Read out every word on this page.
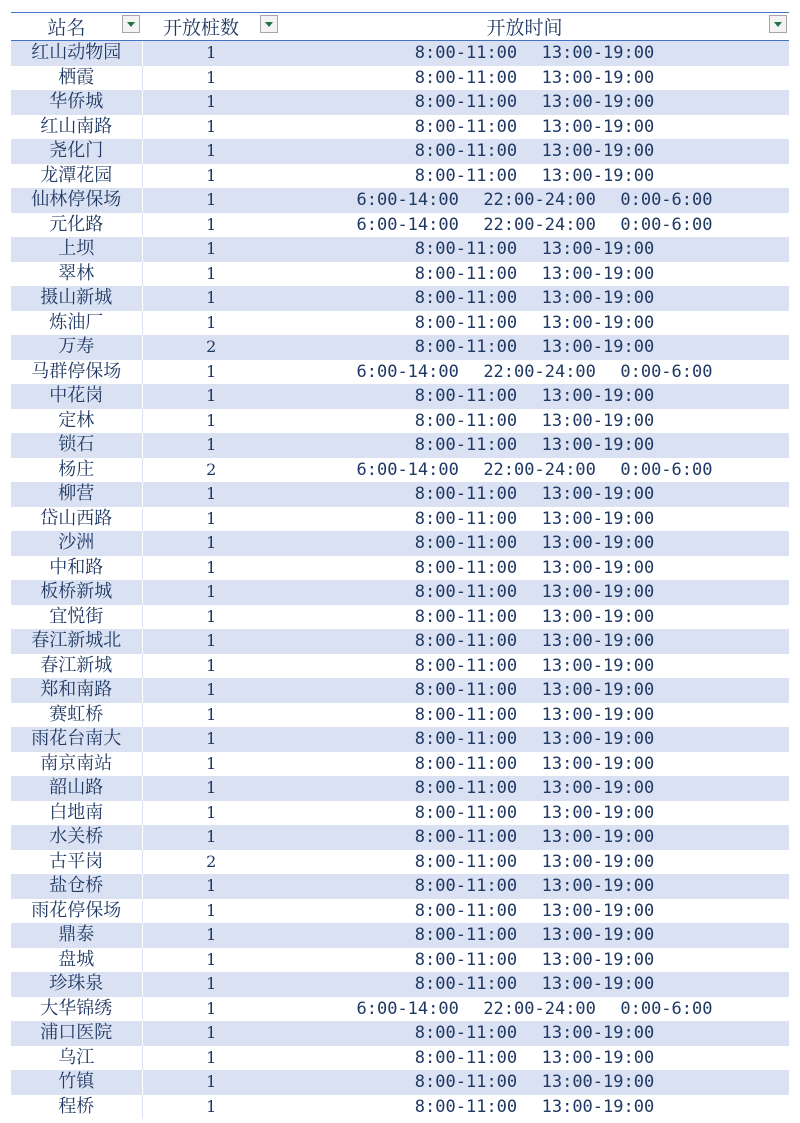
站名	开放桩数	开放时间

红山动物园	1	8:00-11:00  13:00-19:00
栖霞	1	8:00-11:00  13:00-19:00
华侨城	1	8:00-11:00  13:00-19:00
红山南路	1	8:00-11:00  13:00-19:00
尧化门	1	8:00-11:00  13:00-19:00
龙潭花园	1	8:00-11:00  13:00-19:00
仙林停保场	1	6:00-14:00  22:00-24:00  0:00-6:00
元化路	1	6:00-14:00  22:00-24:00  0:00-6:00
上坝	1	8:00-11:00  13:00-19:00
翠林	1	8:00-11:00  13:00-19:00
摄山新城	1	8:00-11:00  13:00-19:00
炼油厂	1	8:00-11:00  13:00-19:00
万寿	2	8:00-11:00  13:00-19:00
马群停保场	1	6:00-14:00  22:00-24:00  0:00-6:00
中花岗	1	8:00-11:00  13:00-19:00
定林	1	8:00-11:00  13:00-19:00
锁石	1	8:00-11:00  13:00-19:00
杨庄	2	6:00-14:00  22:00-24:00  0:00-6:00
柳营	1	8:00-11:00  13:00-19:00
岱山西路	1	8:00-11:00  13:00-19:00
沙洲	1	8:00-11:00  13:00-19:00
中和路	1	8:00-11:00  13:00-19:00
板桥新城	1	8:00-11:00  13:00-19:00
宜悦街	1	8:00-11:00  13:00-19:00
春江新城北	1	8:00-11:00  13:00-19:00
春江新城	1	8:00-11:00  13:00-19:00
郑和南路	1	8:00-11:00  13:00-19:00
赛虹桥	1	8:00-11:00  13:00-19:00
雨花台南大	1	8:00-11:00  13:00-19:00
南京南站	1	8:00-11:00  13:00-19:00
韶山路	1	8:00-11:00  13:00-19:00
白地南	1	8:00-11:00  13:00-19:00
水关桥	1	8:00-11:00  13:00-19:00
古平岗	2	8:00-11:00  13:00-19:00
盐仓桥	1	8:00-11:00  13:00-19:00
雨花停保场	1	8:00-11:00  13:00-19:00
鼎泰	1	8:00-11:00  13:00-19:00
盘城	1	8:00-11:00  13:00-19:00
珍珠泉	1	8:00-11:00  13:00-19:00
大华锦绣	1	6:00-14:00  22:00-24:00  0:00-6:00
浦口医院	1	8:00-11:00  13:00-19:00
乌江	1	8:00-11:00  13:00-19:00
竹镇	1	8:00-11:00  13:00-19:00
程桥	1	8:00-11:00  13:00-19:00
